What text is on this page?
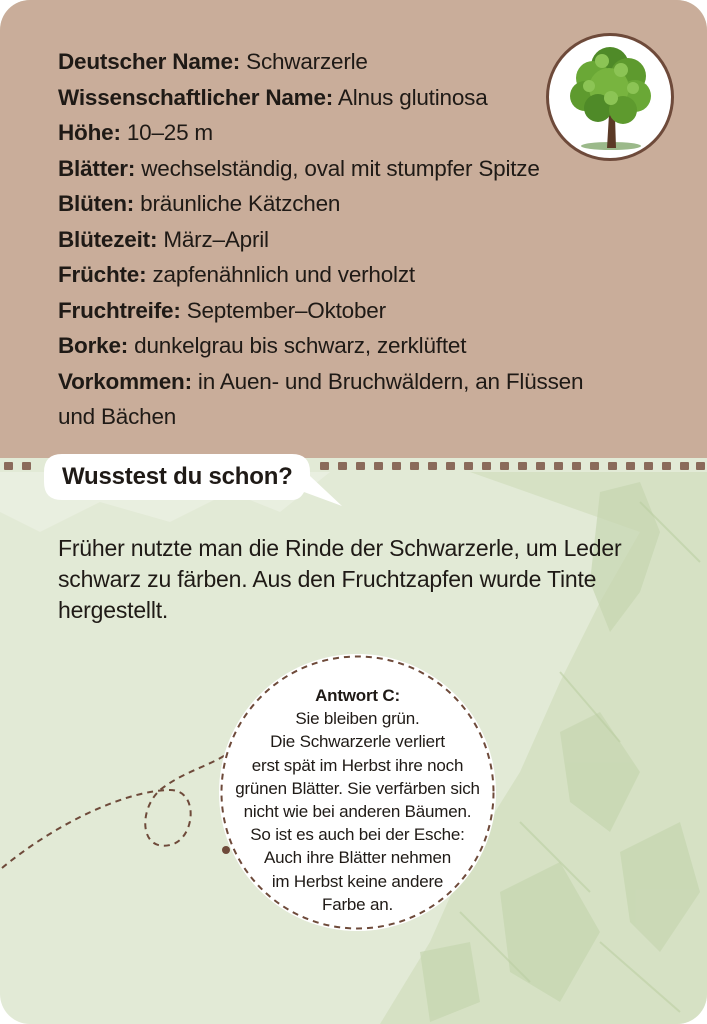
Deutscher Name: Schwarzerle

Wissenschaftlicher Name: Alnus glutinosa

Höhe: 10–25 m

Blätter: wechselständig, oval mit stumpfer Spitze

Blüten: bräunliche Kätzchen

Blütezeit: März–April

Früchte: zapfenähnlich und verholzt

Fruchtreife: September–Oktober

Borke: dunkelgrau bis schwarz, zerklüftet

Vorkommen: in Auen- und Bruchwäldern, an Flüssen und Bächen

Wusstest du schon?
Früher nutzte man die Rinde der Schwarzerle, um Leder schwarz zu färben. Aus den Fruchtzapfen wurde Tinte hergestellt.
Antwort C:
Sie bleiben grün.
Die Schwarzerle verliert
erst spät im Herbst ihre noch
grünen Blätter. Sie verfärben sich
nicht wie bei anderen Bäumen.
So ist es auch bei der Esche:
Auch ihre Blätter nehmen
im Herbst keine andere
Farbe an.
